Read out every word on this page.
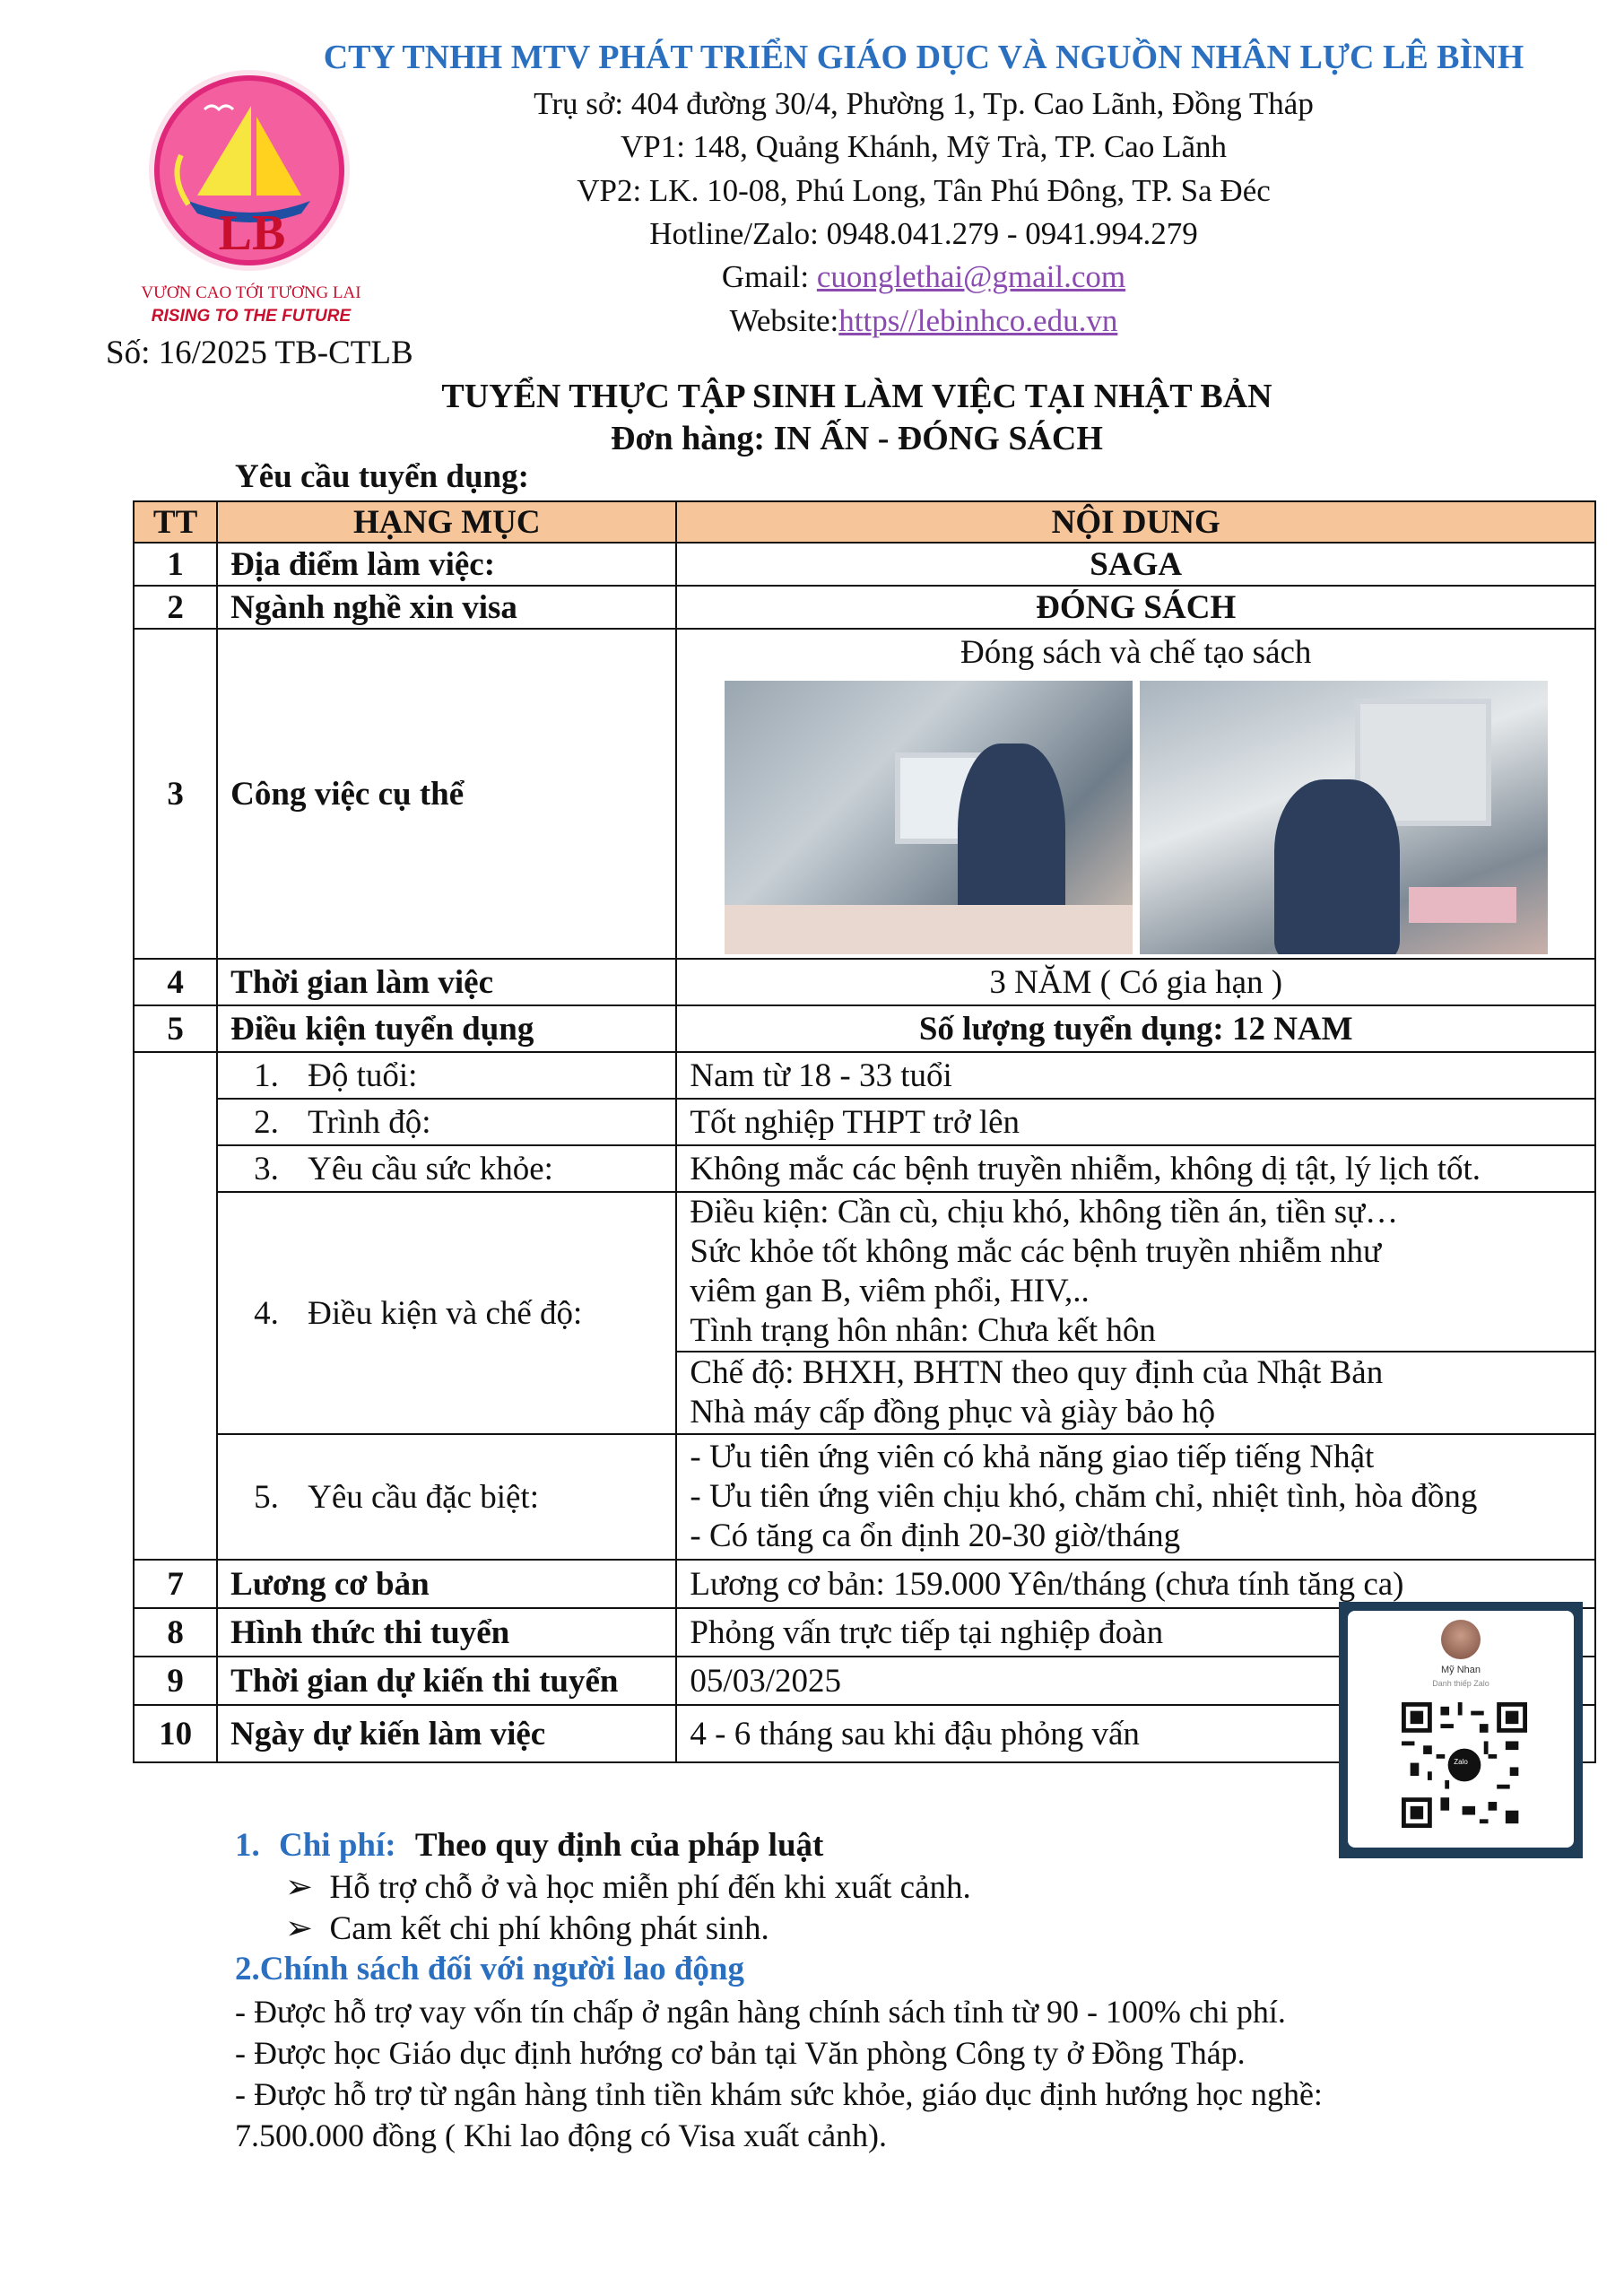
LB
VƯƠN CAO TỚI TƯƠNG LAI
RISING TO THE FUTURE
CTY TNHH MTV PHÁT TRIỂN GIÁO DỤC VÀ NGUỒN NHÂN LỰC LÊ BÌNH
Trụ sở: 404 đường 30/4, Phường 1, Tp. Cao Lãnh, Đồng Tháp
VP1: 148, Quảng Khánh, Mỹ Trà, TP. Cao Lãnh
VP2: LK. 10-08, Phú Long, Tân Phú Đông, TP. Sa Đéc
Hotline/Zalo: 0948.041.279 - 0941.994.279
Gmail: cuonglethai@gmail.com
Website:https//lebinhco.edu.vn
Số: 16/2025 TB-CTLB
TUYỂN THỰC TẬP SINH LÀM VIỆC TẠI NHẬT BẢN
Đơn hàng: IN ẤN - ĐÓNG SÁCH
Yêu cầu tuyển dụng:
TT	HẠNG MỤC	NỘI DUNG
1	Địa điểm làm việc:	SAGA
2	Ngành nghề xin visa	ĐÓNG SÁCH
3	Công việc cụ thể	Đóng sách và chế tạo sách

4	Thời gian làm việc	3 NĂM ( Có gia hạn )
5	Điều kiện tuyển dụng	Số lượng tuyển dụng: 12 NAM
	1. Độ tuổi:	Nam từ 18 - 33 tuổi
	2. Trình độ:	Tốt nghiệp THPT trở lên
	3. Yêu cầu sức khỏe:	Không mắc các bệnh truyền nhiễm, không dị tật, lý lịch tốt.
	4. Điều kiện và chế độ:	Điều kiện: Cần cù, chịu khó, không tiền án, tiền sự…
Sức khỏe tốt không mắc các bệnh truyền nhiễm như
viêm gan B, viêm phổi, HIV,..
Tình trạng hôn nhân: Chưa kết hôn

		Chế độ: BHXH, BHTN theo quy định của Nhật Bản
Nhà máy cấp đồng phục và giày bảo hộ

	5. Yêu cầu đặc biệt:	- Ưu tiên ứng viên có khả năng giao tiếp tiếng Nhật
- Ưu tiên ứng viên chịu khó, chăm chỉ, nhiệt tình, hòa đồng
- Có tăng ca ổn định 20-30 giờ/tháng

7	Lương cơ bản	Lương cơ bản: 159.000 Yên/tháng (chưa tính tăng ca)
8	Hình thức thi tuyển	Phỏng vấn trực tiếp tại nghiệp đoàn
9	Thời gian dự kiến thi tuyển	05/03/2025
10	Ngày dự kiến làm việc	4 - 6 tháng sau khi đậu phỏng vấn
Mỹ Nhan
Danh thiếp Zalo
Zalo
1. Chi phí: Theo quy định của pháp luật
➢ Hỗ trợ chỗ ở và học miễn phí đến khi xuất cảnh.
➢ Cam kết chi phí không phát sinh.
2.Chính sách đối với người lao động
- Được hỗ trợ vay vốn tín chấp ở ngân hàng chính sách tỉnh từ 90 - 100% chi phí.
- Được học Giáo dục định hướng cơ bản tại Văn phòng Công ty ở Đồng Tháp.
- Được hỗ trợ từ ngân hàng tỉnh tiền khám sức khỏe, giáo dục định hướng học nghề:
7.500.000 đồng ( Khi lao động có Visa xuất cảnh).
